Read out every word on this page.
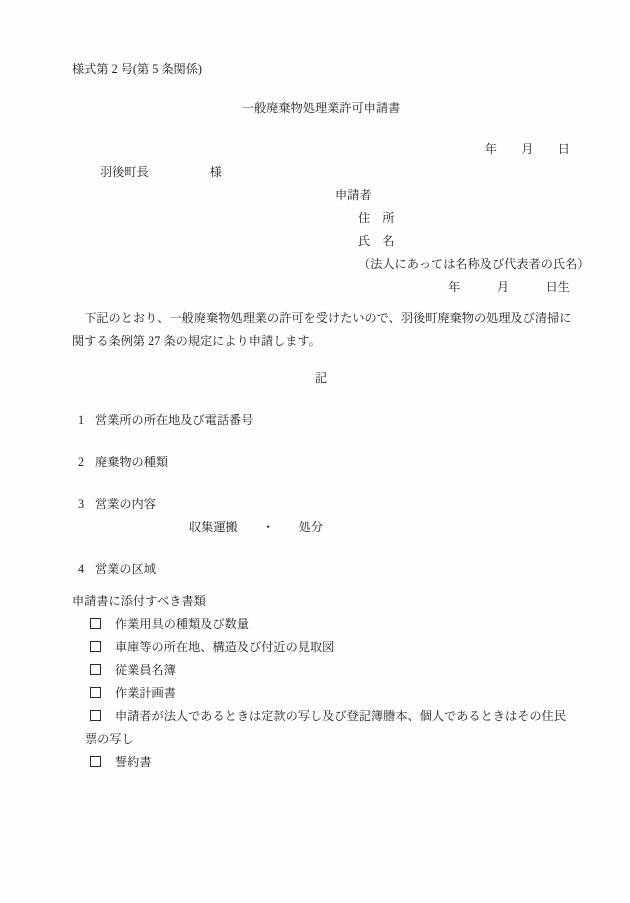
様式第 2 号(第 5 条関係)
一般廃棄物処理業許可申請書
年　　月　　日
羽後町長　　　　　様
申請者
住　所
氏　名
（法人にあっては名称及び代表者の氏名）
年　　　月　　　日生
下記のとおり、一般廃棄物処理業の許可を受けたいので、羽後町廃棄物の処理及び清掃に
関する条例第 27 条の規定により申請します。
記
1 営業所の所在地及び電話番号
2 廃棄物の種類
3 営業の内容
収集運搬　　・　　処分
4 営業の区域
申請書に添付すべき書類
作業用具の種類及び数量
車庫等の所在地、構造及び付近の見取図
従業員名簿
作業計画書
申請者が法人であるときは定款の写し及び登記簿謄本、個人であるときはその住民票の写し
誓約書
